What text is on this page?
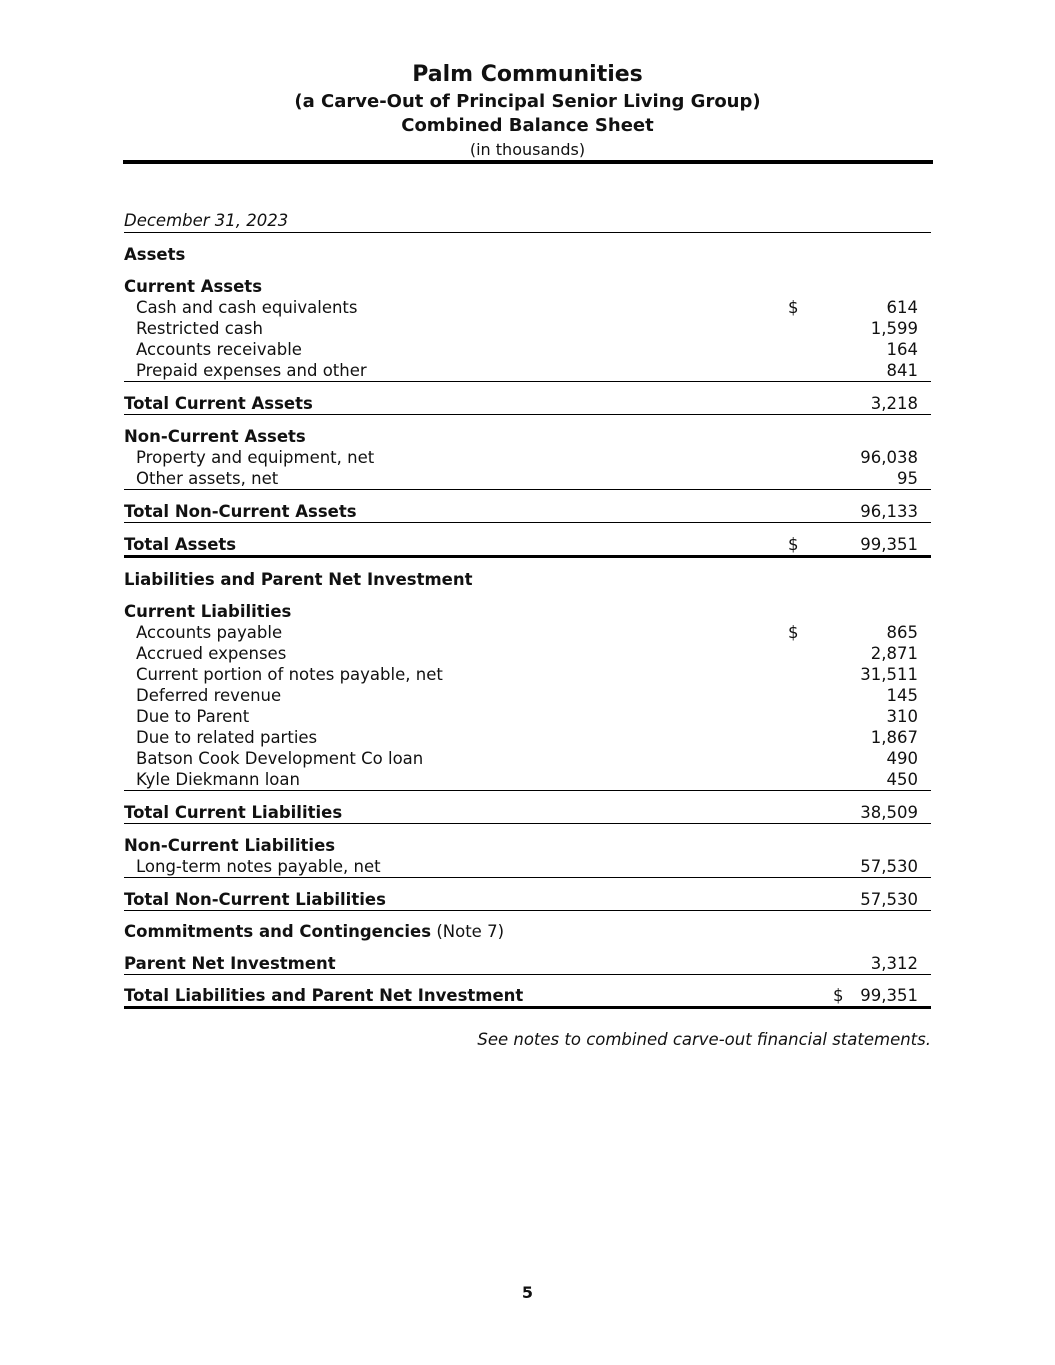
Palm Communities
(a Carve-Out of Principal Senior Living Group)
Combined Balance Sheet
(in thousands)
December 31, 2023
Assets
Current Assets
Cash and cash equivalents	$	614
Restricted cash	1,599
Accounts receivable	164
Prepaid expenses and other	841
Total Current Assets	3,218
Non-Current Assets
Property and equipment, net	96,038
Other assets, net	95
Total Non-Current Assets	96,133
Total Assets	$	99,351
Liabilities and Parent Net Investment
Current Liabilities
Accounts payable	$	865
Accrued expenses	2,871
Current portion of notes payable, net	31,511
Deferred revenue	145
Due to Parent	310
Due to related parties	1,867
Batson Cook Development Co loan	490
Kyle Diekmann loan	450
Total Current Liabilities	38,509
Non-Current Liabilities
Long-term notes payable, net	57,530
Total Non-Current Liabilities	57,530
Commitments and Contingencies (Note 7)
Parent Net Investment	3,312
Total Liabilities and Parent Net Investment	$ 99,351
See notes to combined carve-out financial statements.
5
